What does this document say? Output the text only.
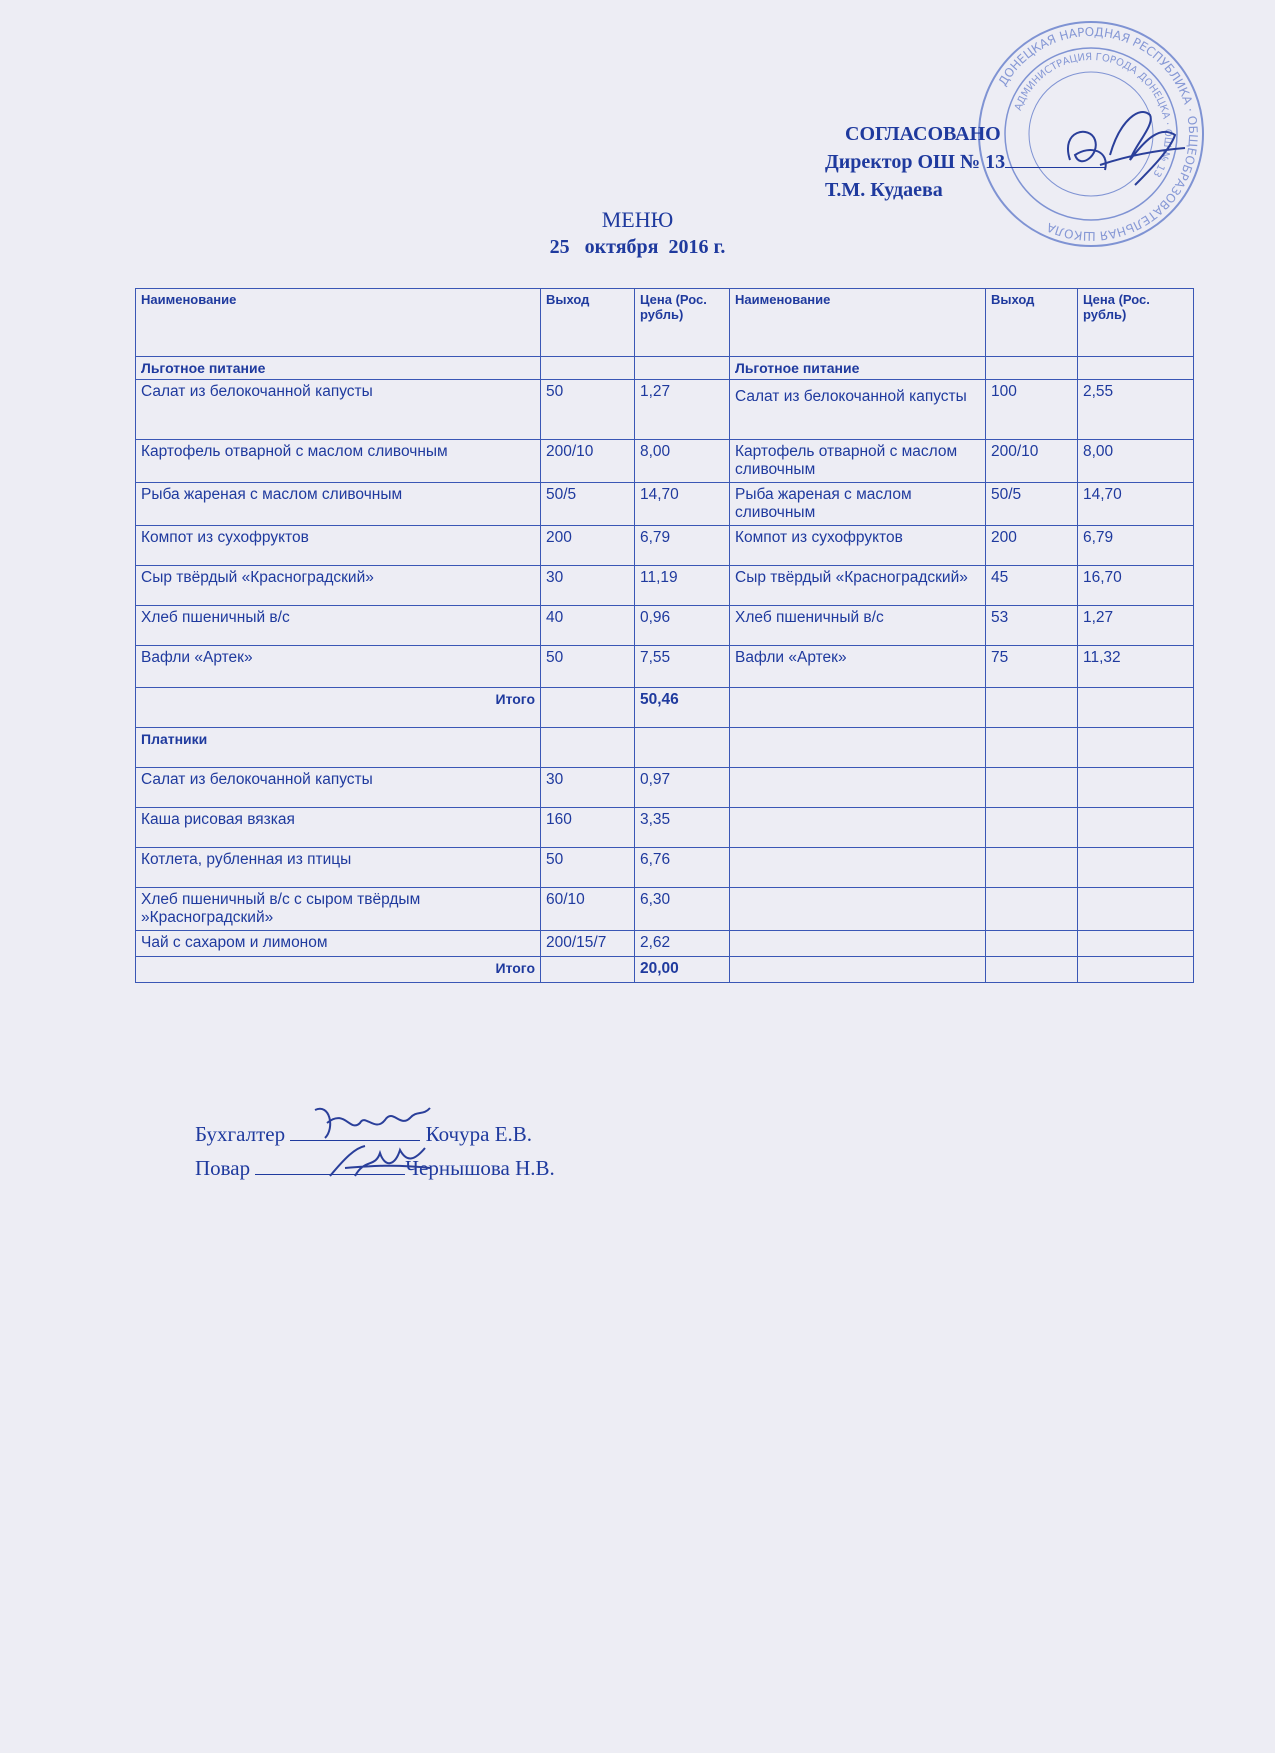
ДОНЕЦКАЯ НАРОДНАЯ РЕСПУБЛИКА · ОБЩЕОБРАЗОВАТЕЛЬНАЯ ШКОЛА
АДМИНИСТРАЦИЯ ГОРОДА ДОНЕЦКА · ОШ № 13
СОГЛАСОВАНО
Директор ОШ № 13
Т.М. Кудаева
МЕНЮ
25   октября  2016 г.
Наименование	Выход	Цена (Рос. рубль)	Наименование	Выход	Цена (Рос. рубль)
Льготное питание			Льготное питание		
Салат из белокочанной капусты	50	1,27	Салат из белокочанной капусты	100	2,55
Картофель отварной с маслом сливочным	200/10	8,00	Картофель отварной с маслом сливочным	200/10	8,00
Рыба жареная с маслом сливочным	50/5	14,70	Рыба жареная с маслом сливочным	50/5	14,70
Компот из сухофруктов	200	6,79	Компот из сухофруктов	200	6,79
Сыр твёрдый «Красноградский»	30	11,19	Сыр твёрдый «Красноградский»	45	16,70
Хлеб пшеничный в/с	40	0,96	Хлеб пшеничный в/с	53	1,27
Вафли «Артек»	50	7,55	Вафли «Артек»	75	11,32
Итого		50,46			
Платники					
Салат из белокочанной капусты	30	0,97			
Каша рисовая вязкая	160	3,35			
Котлета, рубленная из птицы	50	6,76			
Хлеб пшеничный в/с с сыром твёрдым »Красноградский»	60/10	6,30			
Чай с сахаром и лимоном	200/15/7	2,62			
Итого		20,00			
Бухгалтер	Кочура Е.В.
Повар	Чернышова Н.В.
